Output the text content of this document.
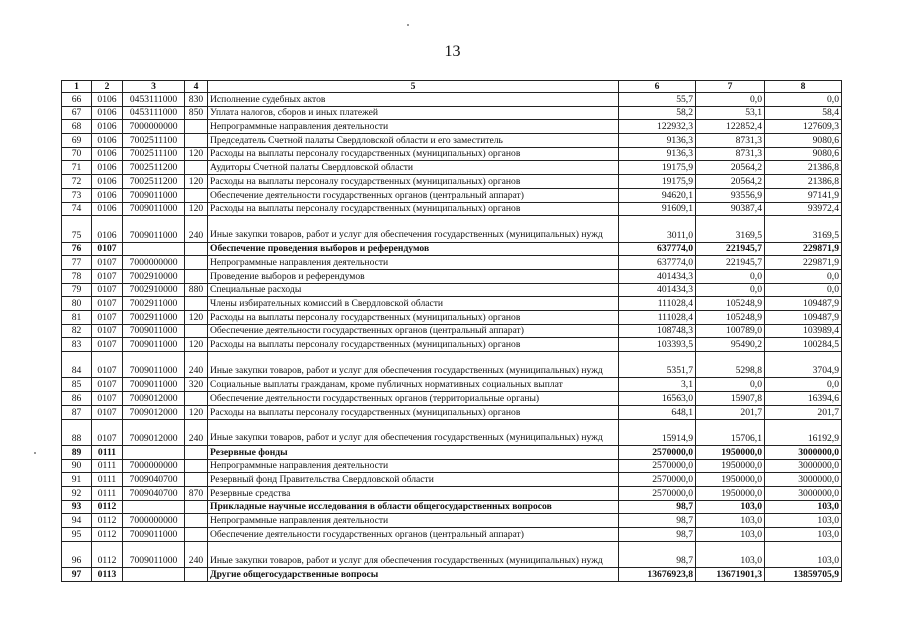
13
1	2	3	4	5	6	7	8
66	0106	0453111000	830	Исполнение судебных актов	55,7	0,0	0,0
67	0106	0453111000	850	Уплата налогов, сборов и иных платежей	58,2	53,1	58,4
68	0106	7000000000		Непрограммные направления деятельности	122932,3	122852,4	127609,3
69	0106	7002511100		Председатель Счетной палаты Свердловской области и его заместитель	9136,3	8731,3	9080,6
70	0106	7002511100	120	Расходы на выплаты персоналу государственных (муниципальных) органов	9136,3	8731,3	9080,6
71	0106	7002511200		Аудиторы Счетной палаты Свердловской области	19175,9	20564,2	21386,8
72	0106	7002511200	120	Расходы на выплаты персоналу государственных (муниципальных) органов	19175,9	20564,2	21386,8
73	0106	7009011000		Обеспечение деятельности государственных органов (центральный аппарат)	94620,1	93556,9	97141,9
74	0106	7009011000	120	Расходы на выплаты персоналу государственных (муниципальных) органов	91609,1	90387,4	93972,4
75	0106	7009011000	240	Иные закупки товаров, работ и услуг для обеспечения государственных (муниципальных) нужд	3011,0	3169,5	3169,5
76	0107			Обеспечение проведения выборов и референдумов	637774,0	221945,7	229871,9
77	0107	7000000000		Непрограммные направления деятельности	637774,0	221945,7	229871,9
78	0107	7002910000		Проведение выборов и референдумов	401434,3	0,0	0,0
79	0107	7002910000	880	Специальные расходы	401434,3	0,0	0,0
80	0107	7002911000		Члены избирательных комиссий в Свердловской области	111028,4	105248,9	109487,9
81	0107	7002911000	120	Расходы на выплаты персоналу государственных (муниципальных) органов	111028,4	105248,9	109487,9
82	0107	7009011000		Обеспечение деятельности государственных органов (центральный аппарат)	108748,3	100789,0	103989,4
83	0107	7009011000	120	Расходы на выплаты персоналу государственных (муниципальных) органов	103393,5	95490,2	100284,5
84	0107	7009011000	240	Иные закупки товаров, работ и услуг для обеспечения государственных (муниципальных) нужд	5351,7	5298,8	3704,9
85	0107	7009011000	320	Социальные выплаты гражданам, кроме публичных нормативных социальных выплат	3,1	0,0	0,0
86	0107	7009012000		Обеспечение деятельности государственных органов (территориальные органы)	16563,0	15907,8	16394,6
87	0107	7009012000	120	Расходы на выплаты персоналу государственных (муниципальных) органов	648,1	201,7	201,7
88	0107	7009012000	240	Иные закупки товаров, работ и услуг для обеспечения государственных (муниципальных) нужд	15914,9	15706,1	16192,9
89	0111			Резервные фонды	2570000,0	1950000,0	3000000,0
90	0111	7000000000		Непрограммные направления деятельности	2570000,0	1950000,0	3000000,0
91	0111	7009040700		Резервный фонд Правительства Свердловской области	2570000,0	1950000,0	3000000,0
92	0111	7009040700	870	Резервные средства	2570000,0	1950000,0	3000000,0
93	0112			Прикладные научные исследования в области общегосударственных вопросов	98,7	103,0	103,0
94	0112	7000000000		Непрограммные направления деятельности	98,7	103,0	103,0
95	0112	7009011000		Обеспечение деятельности государственных органов (центральный аппарат)	98,7	103,0	103,0
96	0112	7009011000	240	Иные закупки товаров, работ и услуг для обеспечения государственных (муниципальных) нужд	98,7	103,0	103,0
97	0113			Другие общегосударственные вопросы	13676923,8	13671901,3	13859705,9
